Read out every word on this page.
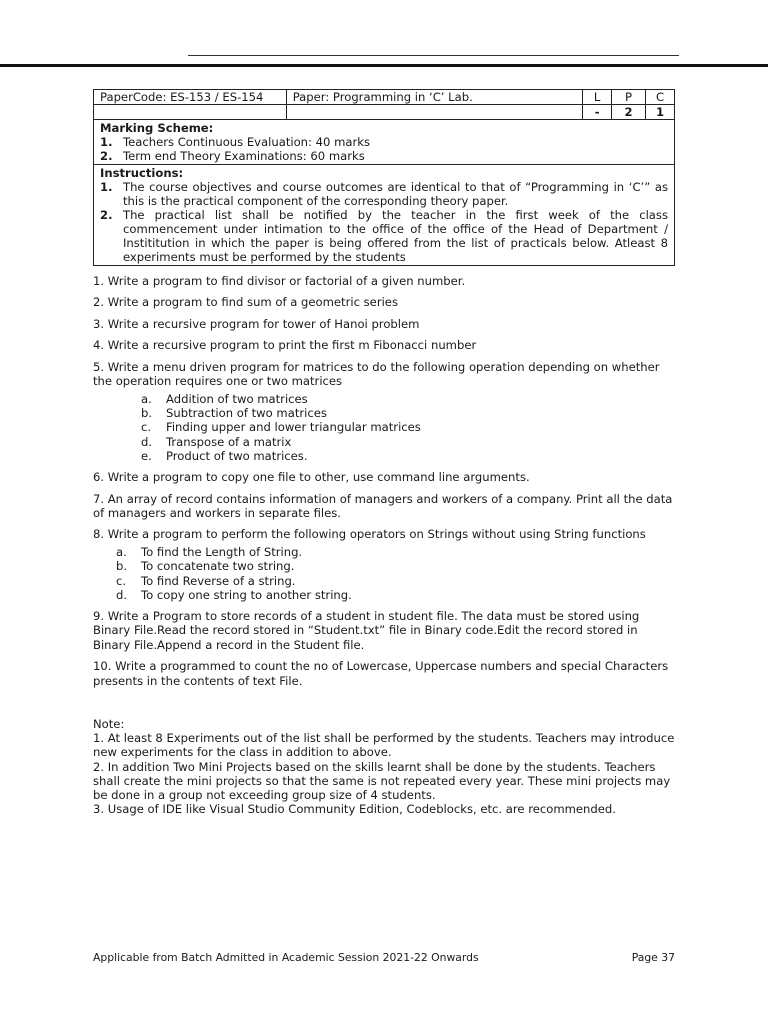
PaperCode: ES-153 / ES-154	Paper: Programming in ‘C’ Lab.	L	P	C
		-	2	1

Marking Scheme:
1. Teachers Continuous Evaluation: 40 marks
2. Term end Theory Examinations: 60 marks				

Instructions:
1. The course objectives and course outcomes are identical to that of “Programming in ‘C’” as this is the practical component of the corresponding theory paper.
2. The practical list shall be notified by the teacher in the first week of the class commencement under intimation to the office of the office of the Head of Department / Instititution in which the paper is being offered from the list of practicals below. Atleast 8 experiments must be performed by the students				

1. Write a program to find divisor or factorial of a given number.

2. Write a program to find sum of a geometric series

3. Write a recursive program for tower of Hanoi problem

4. Write a recursive program to print the first m Fibonacci number

5. Write a menu driven program for matrices to do the following operation depending on whether the operation requires one or two matrices

a.	Addition of two matrices
b.	Subtraction of two matrices
c.	Finding upper and lower triangular matrices
d.	Transpose of a matrix
e.	Product of two matrices.

6. Write a program to copy one file to other, use command line arguments.

7. An array of record contains information of managers and workers of a company. Print all the data of managers and workers in separate files.

8. Write a program to perform the following operators on Strings without using String functions

a.	To find the Length of String.
b.	To concatenate two string.
c.	To find Reverse of a string.
d.	To copy one string to another string.

9. Write a Program to store records of a student in student file. The data must be stored using Binary File.Read the record stored in “Student.txt” file in Binary code.Edit the record stored in Binary File.Append a record in the Student file.

10. Write a programmed to count the no of Lowercase, Uppercase numbers and special Characters presents in the contents of text File.

Note:
1. At least 8 Experiments out of the list shall be performed by the students. Teachers may introduce new experiments for the class in addition to above.
2. In addition Two Mini Projects based on the skills learnt shall be done by the students. Teachers shall create the mini projects so that the same is not repeated every year. These mini projects may be done in a group not exceeding group size of 4 students.
3. Usage of IDE like Visual Studio Community Edition, Codeblocks, etc. are recommended.
Applicable from Batch Admitted in Academic Session 2021-22 Onwards	Page 37
